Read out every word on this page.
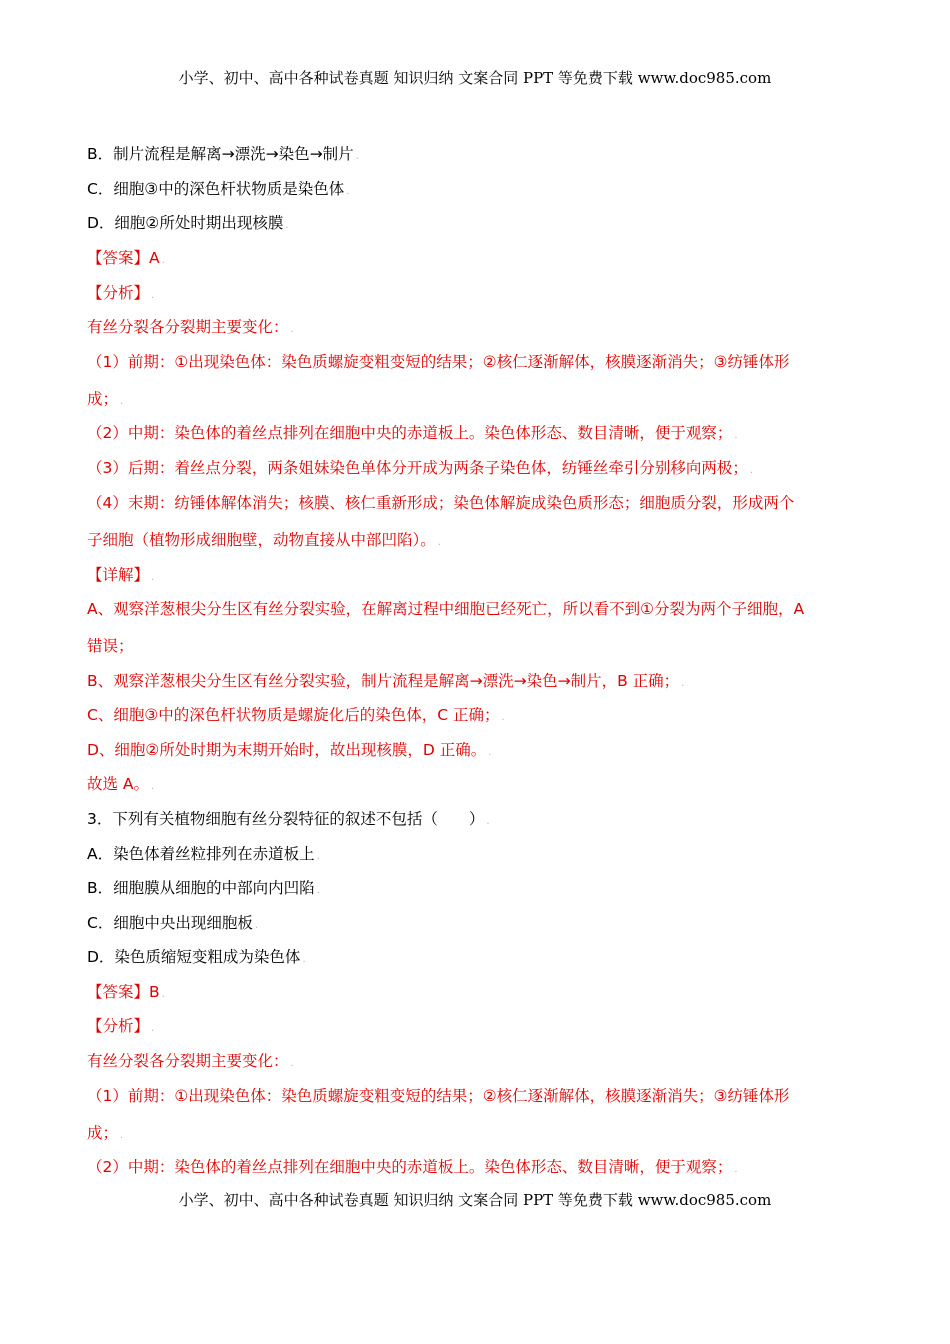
小学、初中、高中各种试卷真题 知识归纳 文案合同 PPT 等免费下载 www.doc985.com
B．制片流程是解离→漂洗→染色→制片 .
C．细胞③中的深色杆状物质是染色体 .
D．细胞②所处时期出现核膜 .
【答案】A .
【分析】 .
有丝分裂各分裂期主要变化： .
（1）前期：①出现染色体：染色质螺旋变粗变短的结果；②核仁逐渐解体，核膜逐渐消失；③纺锤体形
成； .
（2）中期：染色体的着丝点排列在细胞中央的赤道板上。染色体形态、数目清晰，便于观察； .
（3）后期：着丝点分裂，两条姐妹染色单体分开成为两条子染色体，纺锤丝牵引分别移向两极； .
（4）末期：纺锤体解体消失；核膜、核仁重新形成；染色体解旋成染色质形态；细胞质分裂，形成两个
子细胞（植物形成细胞壁，动物直接从中部凹陷）。 .
【详解】 .
A、观察洋葱根尖分生区有丝分裂实验，在解离过程中细胞已经死亡，所以看不到①分裂为两个子细胞，A
错误；
B、观察洋葱根尖分生区有丝分裂实验，制片流程是解离→漂洗→染色→制片，B 正确； .
C、细胞③中的深色杆状物质是螺旋化后的染色体，C 正确； .
D、细胞②所处时期为末期开始时，故出现核膜，D 正确。 .
故选 A。 .
3．下列有关植物细胞有丝分裂特征的叙述不包括（　　） .
A．染色体着丝粒排列在赤道板上 .
B．细胞膜从细胞的中部向内凹陷 .
C．细胞中央出现细胞板 .
D．染色质缩短变粗成为染色体 .
【答案】B .
【分析】 .
有丝分裂各分裂期主要变化： .
（1）前期：①出现染色体：染色质螺旋变粗变短的结果；②核仁逐渐解体，核膜逐渐消失；③纺锤体形
成； .
（2）中期：染色体的着丝点排列在细胞中央的赤道板上。染色体形态、数目清晰，便于观察； .
小学、初中、高中各种试卷真题 知识归纳 文案合同 PPT 等免费下载 www.doc985.com
